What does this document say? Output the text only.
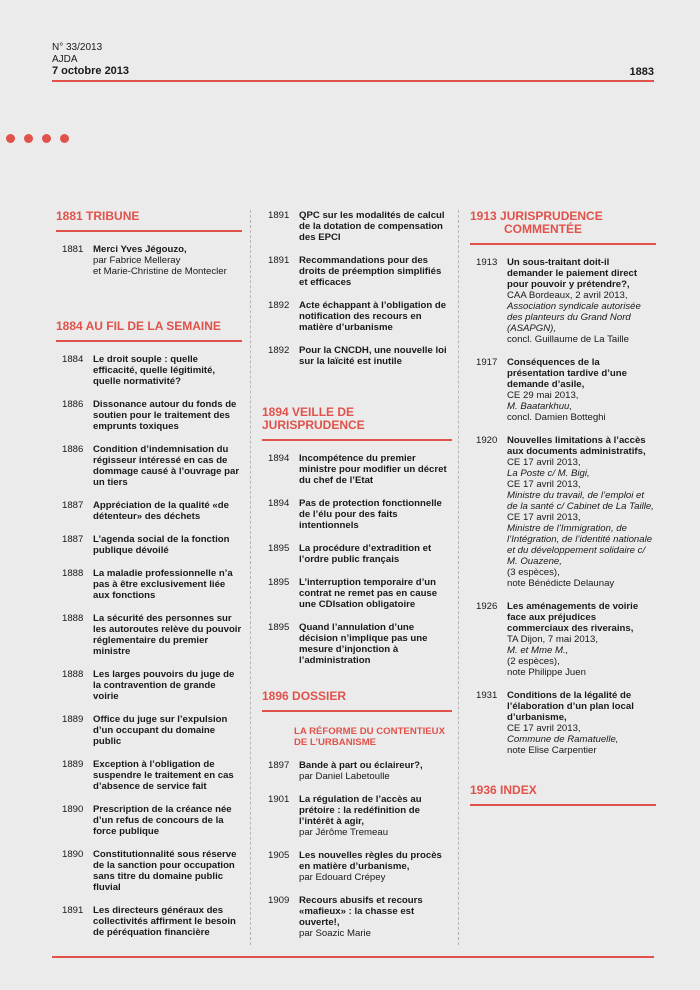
N° 33/2013
AJDA
7 octobre 2013	1883
1881 TRIBUNE
1881	Merci Yves Jégouzo,
par Fabrice Melleray
et Marie-Christine de Montecler
1884 AU FIL DE LA SEMAINE
1884	Le droit souple : quelle efficacité, quelle légitimité, quelle normativité?
1886	Dissonance autour du fonds de soutien pour le traitement des emprunts toxiques
1886	Condition d’indemnisation du régisseur intéressé en cas de dommage causé à l’ouvrage par un tiers
1887	Appréciation de la qualité «de détenteur» des déchets
1887	L’agenda social de la fonction publique dévoilé
1888	La maladie professionnelle n’a pas à être exclusivement liée aux fonctions
1888	La sécurité des personnes sur les autoroutes relève du pouvoir réglementaire du premier ministre
1888	Les larges pouvoirs du juge de la contravention de grande voirie
1889	Office du juge sur l’expulsion d’un occupant du domaine public
1889	Exception à l’obligation de suspendre le traitement en cas d’absence de service fait
1890	Prescription de la créance née d’un refus de concours de la force publique
1890	Constitutionnalité sous réserve de la sanction pour occupation sans titre du domaine public fluvial
1891	Les directeurs généraux des collectivités affirment le besoin de péréquation financière
1891	QPC sur les modalités de calcul de la dotation de compensation des EPCI
1891	Recommandations pour des droits de préemption simplifiés et efficaces
1892	Acte échappant à l’obligation de notification des recours en matière d’urbanisme
1892	Pour la CNCDH, une nouvelle loi sur la laïcité est inutile
1894 VEILLE DE JURISPRUDENCE
1894	Incompétence du premier ministre pour modifier un décret du chef de l’Etat
1894	Pas de protection fonctionnelle de l’élu pour des faits intentionnels
1895	La procédure d’extradition et l’ordre public français
1895	L’interruption temporaire d’un contrat ne remet pas en cause une CDIsation obligatoire
1895	Quand l’annulation d’une décision n’implique pas une mesure d’injonction à l’administration
1896 DOSSIER
LA RÉFORME DU CONTENTIEUX DE L’URBANISME
1897	Bande à part ou éclaireur?,
par Daniel Labetoulle
1901	La régulation de l’accès au prétoire : la redéfinition de l’intérêt à agir,
par Jérôme Tremeau
1905	Les nouvelles règles du procès en matière d’urbanisme,
par Edouard Crépey
1909	Recours abusifs et recours «mafieux» : la chasse est ouverte!,
par Soazic Marie
1913 JURISPRUDENCE
COMMENTÉE
1913	Un sous-traitant doit-il demander le paiement direct pour pouvoir y prétendre?,
CAA Bordeaux, 2 avril 2013,
Association syndicale autorisée des planteurs du Grand Nord (ASAPGN),
concl. Guillaume de La Taille
1917	Conséquences de la présentation tardive d’une demande d’asile,
CE 29 mai 2013,
M. Baatarkhuu,
concl. Damien Botteghi
1920	Nouvelles limitations à l’accès aux documents administratifs,
CE 17 avril 2013,
La Poste c/ M. Bigi,
CE 17 avril 2013,
Ministre du travail, de l’emploi et de la santé c/ Cabinet de La Taille,
CE 17 avril 2013,
Ministre de l’Immigration, de l’Intégration, de l’identité nationale et du développement solidaire c/ M. Ouazene,
(3 espèces),
note Bénédicte Delaunay
1926	Les aménagements de voirie face aux préjudices commerciaux des riverains,
TA Dijon, 7 mai 2013,
M. et Mme M.,
(2 espèces),
note Philippe Juen
1931	Conditions de la légalité de l’élaboration d’un plan local d’urbanisme,
CE 17 avril 2013,
Commune de Ramatuelle,
note Elise Carpentier
1936 INDEX
